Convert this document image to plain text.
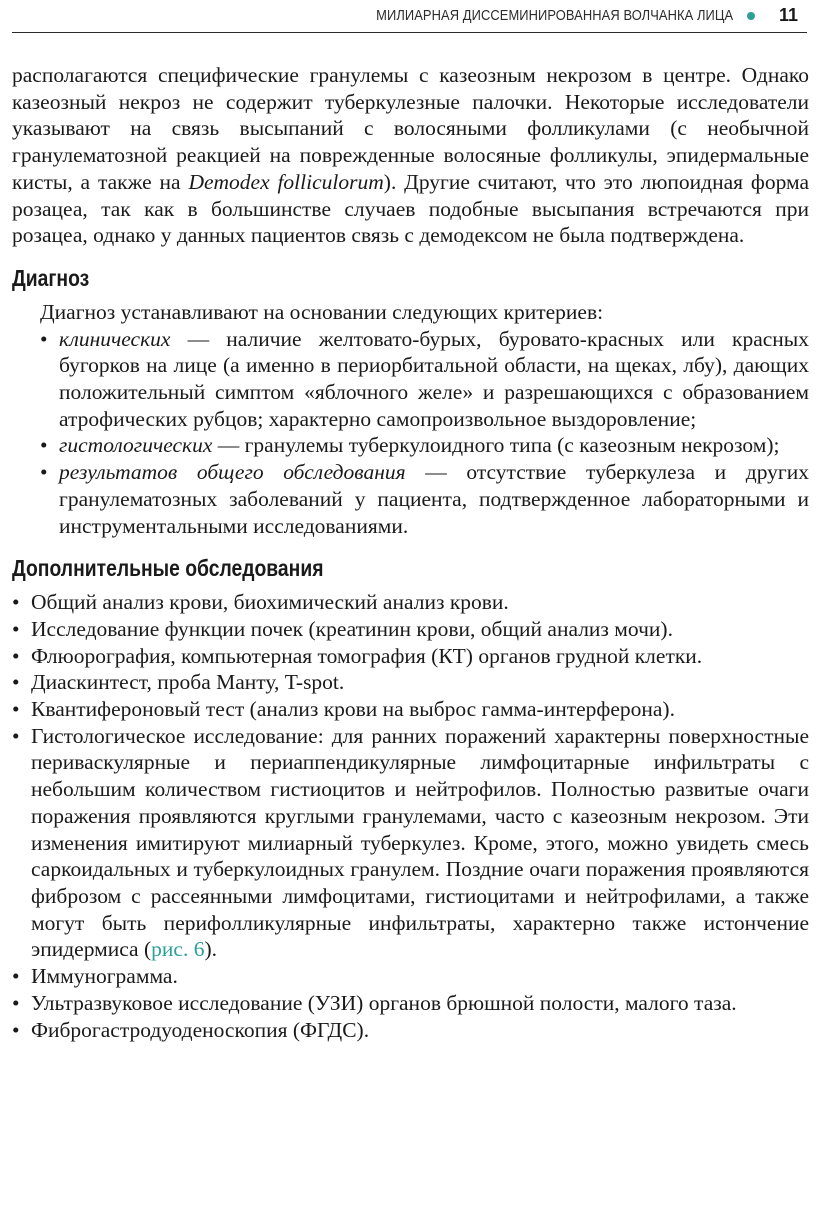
МИЛИАРНАЯ ДИССЕМИНИРОВАННАЯ ВОЛЧАНКА ЛИЦА	11

располагаются специфические гранулемы с казеозным некрозом в центре. Однако казеозный некроз не содержит туберкулезные палочки. Некоторые исследователи указывают на связь высыпаний с волосяными фолликулами (с необычной гранулематозной реакцией на поврежденные волосяные фолликулы, эпидермальные кисты, а также на Demodex folliculorum). Другие считают, что это люпоидная форма розацеа, так как в большинстве случаев подобные высыпания встречаются при розацеа, однако у данных пациентов связь с демодексом не была подтверждена.

Диагноз

Диагноз устанавливают на основании следующих критериев:

• клинических — наличие желтовато-бурых, буровато-красных или красных бугорков на лице (а именно в периорбитальной области, на щеках, лбу), дающих положительный симптом «яблочного желе» и разрешающихся с образованием атрофических рубцов; характерно самопроизвольное выздоровление;
• гистологических — гранулемы туберкулоидного типа (с казеозным некрозом);
• результатов общего обследования — отсутствие туберкулеза и других гранулематозных заболеваний у пациента, подтвержденное лабораторными и инструментальными исследованиями.
Дополнительные обследования
• Общий анализ крови, биохимический анализ крови.
• Исследование функции почек (креатинин крови, общий анализ мочи).
• Флюорография, компьютерная томография (КТ) органов грудной клетки.
• Диаскинтест, проба Манту, T-spot.
• Квантифероновый тест (анализ крови на выброс гамма-интерферона).
• Гистологическое исследование: для ранних поражений характерны поверхностные периваскулярные и периаппендикулярные лимфоцитарные инфильтраты с небольшим количеством гистиоцитов и нейтрофилов. Полностью развитые очаги поражения проявляются круглыми гранулемами, часто с казеозным некрозом. Эти изменения имитируют милиарный туберкулез. Кроме, этого, можно увидеть смесь саркоидальных и туберкулоидных гранулем. Поздние очаги поражения проявляются фиброзом с рассеянными лимфоцитами, гистиоцитами и нейтрофилами, а также могут быть перифолликулярные инфильтраты, характерно также истончение эпидермиса (рис. 6).
• Иммунограмма.
• Ультразвуковое исследование (УЗИ) органов брюшной полости, малого таза.
• Фиброгастродуоденоскопия (ФГДС).
